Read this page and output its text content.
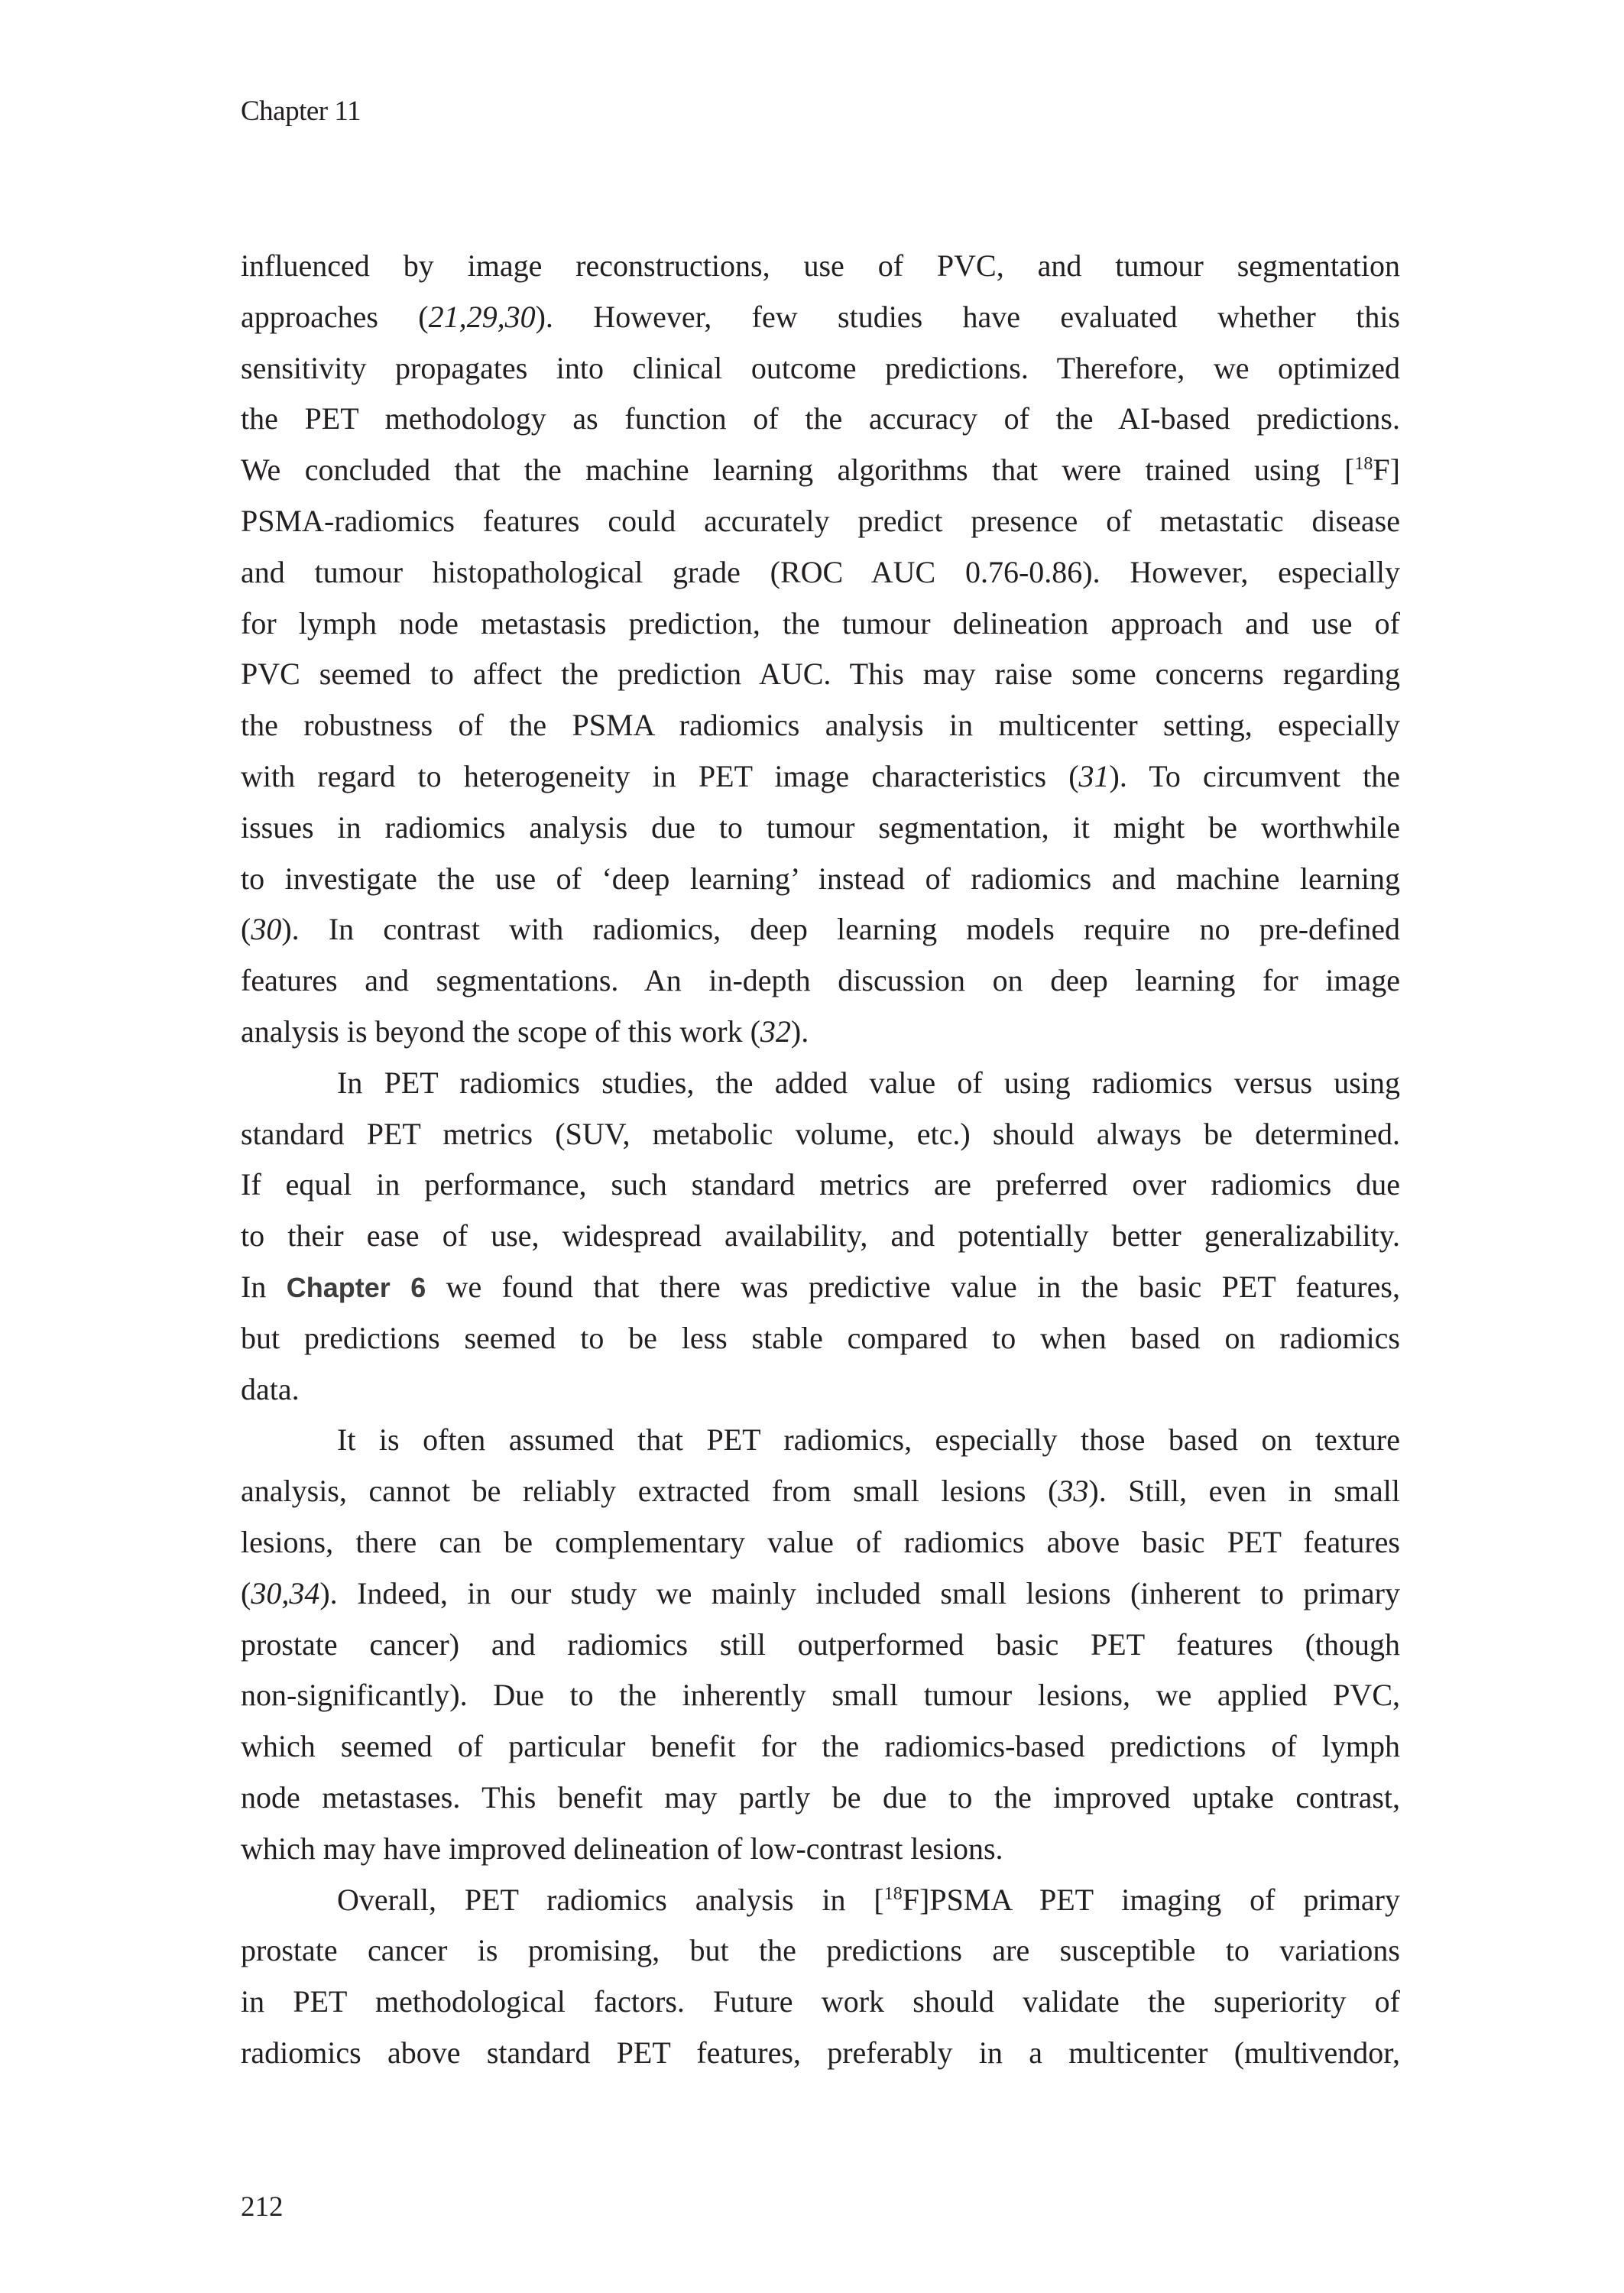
Chapter 11
influenced by image reconstructions, use of PVC, and tumour segmentation
approaches (21,29,30). However, few studies have evaluated whether this
sensitivity propagates into clinical outcome predictions. Therefore, we optimized
the PET methodology as function of the accuracy of the AI-based predictions.
We concluded that the machine learning algorithms that were trained using [$^{18}$F]
PSMA-radiomics features could accurately predict presence of metastatic disease
and tumour histopathological grade (ROC AUC 0.76-0.86). However, especially
for lymph node metastasis prediction, the tumour delineation approach and use of
PVC seemed to affect the prediction AUC. This may raise some concerns regarding
the robustness of the PSMA radiomics analysis in multicenter setting, especially
with regard to heterogeneity in PET image characteristics (31). To circumvent the
issues in radiomics analysis due to tumour segmentation, it might be worthwhile
to investigate the use of ‘deep learning’ instead of radiomics and machine learning
(30). In contrast with radiomics, deep learning models require no pre-defined
features and segmentations. An in-depth discussion on deep learning for image
analysis is beyond the scope of this work (32).
In PET radiomics studies, the added value of using radiomics versus using
standard PET metrics (SUV, metabolic volume, etc.) should always be determined.
If equal in performance, such standard metrics are preferred over radiomics due
to their ease of use, widespread availability, and potentially better generalizability.
In Chapter 6 we found that there was predictive value in the basic PET features,
but predictions seemed to be less stable compared to when based on radiomics
data.
It is often assumed that PET radiomics, especially those based on texture
analysis, cannot be reliably extracted from small lesions (33). Still, even in small
lesions, there can be complementary value of radiomics above basic PET features
(30,34). Indeed, in our study we mainly included small lesions (inherent to primary
prostate cancer) and radiomics still outperformed basic PET features (though
non-significantly). Due to the inherently small tumour lesions, we applied PVC,
which seemed of particular benefit for the radiomics-based predictions of lymph
node metastases. This benefit may partly be due to the improved uptake contrast,
which may have improved delineation of low-contrast lesions.
Overall, PET radiomics analysis in [$^{18}$F]PSMA PET imaging of primary
prostate cancer is promising, but the predictions are susceptible to variations
in PET methodological factors. Future work should validate the superiority of
radiomics above standard PET features, preferably in a multicenter (multivendor,
212
